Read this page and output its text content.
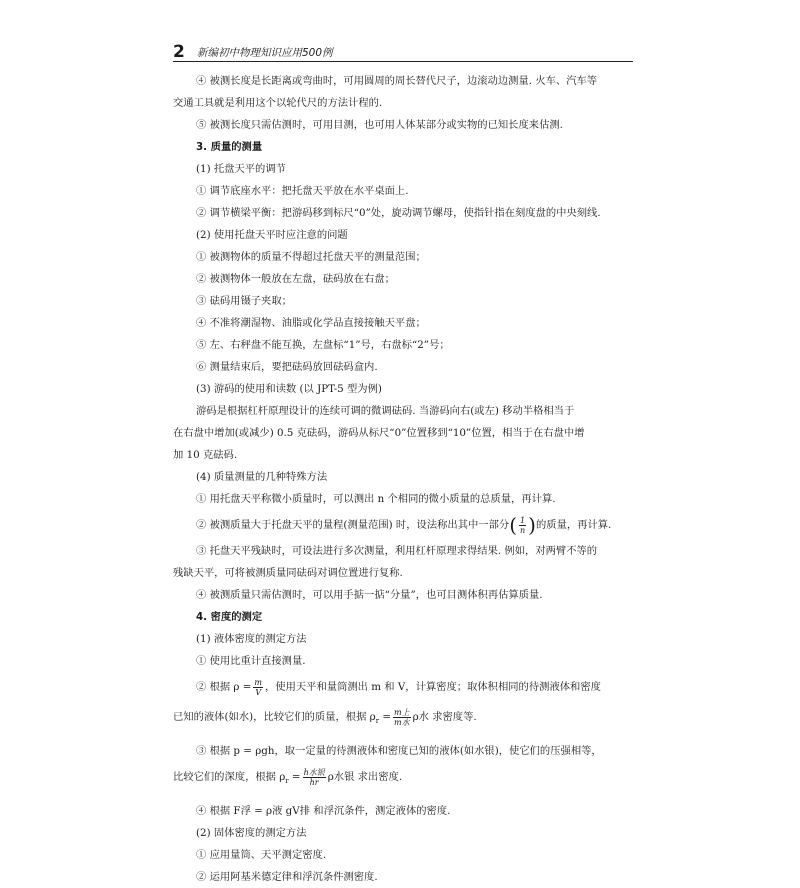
2 新编初中物理知识应用500例

④ 被测长度是长距离或弯曲时，可用圆周的周长替代尺子，边滚动边测量. 火车、汽车等

交通工具就是利用这个以轮代尺的方法计程的.

⑤ 被测长度只需估测时，可用目测，也可用人体某部分或实物的已知长度来估测.

3. 质量的测量

(1) 托盘天平的调节

① 调节底座水平：把托盘天平放在水平桌面上.

② 调节横梁平衡：把游码移到标尺“0”处，旋动调节螺母，使指针指在刻度盘的中央刻线.

(2) 使用托盘天平时应注意的问题

① 被测物体的质量不得超过托盘天平的测量范围；

② 被测物体一般放在左盘，砝码放在右盘；

③ 砝码用镊子夹取；

④ 不准将潮湿物、油脂或化学品直接接触天平盘；

⑤ 左、右秤盘不能互换，左盘标“1”号，右盘标“2”号；

⑥ 测量结束后，要把砝码放回砝码盒内.

(3) 游码的使用和读数 (以 JPT-5 型为例)

游码是根据杠杆原理设计的连续可调的微调砝码. 当游码向右(或左) 移动半格相当于

在右盘中增加(或减少) 0.5 克砝码，游码从标尺“0”位置移到“10”位置，相当于在右盘中增

加 10 克砝码.

(4) 质量测量的几种特殊方法

① 用托盘天平称微小质量时，可以测出 n 个相同的微小质量的总质量，再计算.

② 被测质量大于托盘天平的量程(测量范围) 时，设法称出其中一部分( $\frac{1}{n}$ )的质量，再计算.

③ 托盘天平残缺时，可设法进行多次测量，利用杠杆原理求得结果. 例如，对两臂不等的

残缺天平，可将被测质量同砝码对调位置进行复称.

④ 被测质量只需估测时，可以用手掂一掂“分量”，也可目测体积再估算质量.

4. 密度的测定

(1) 液体密度的测定方法

① 使用比重计直接测量.

② 根据 $\rho = \frac{m}{V}$ ，使用天平和量筒测出 m 和 V，计算密度；取体积相同的待测液体和密度

已知的液体(如水)，比较它们的质量，根据 $\rho_r = \frac{\text{m上}}{\text{m水}}$ ρ水 求密度等.

③ 根据 p = ρgh，取一定量的待测液体和密度已知的液体(如水银)，使它们的压强相等，

比较它们的深度，根据 $\rho_r = \frac{\text{h水银}}{hr}$ ρ水银 求出密度.

④ 根据 F浮 = ρ液 gV排 和浮沉条件，测定液体的密度.

(2) 固体密度的测定方法

① 应用量筒、天平测定密度.

② 运用阿基米德定律和浮沉条件测密度.
